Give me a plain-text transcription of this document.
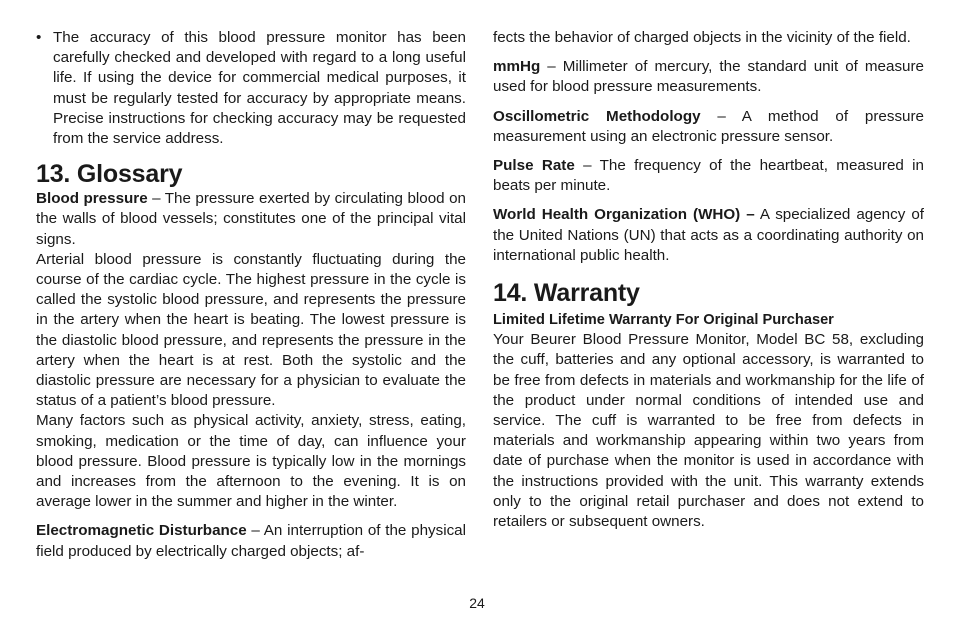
• The accuracy of this blood pressure monitor has been carefully checked and developed with regard to a long useful life. If using the device for commercial medical purposes, it must be regularly tested for accuracy by appropriate means. Precise instructions for checking accuracy may be requested from the service address.

13. Glossary

Blood pressure – The pressure exerted by circulating blood on the walls of blood vessels; constitutes one of the principal vital signs.

Arterial blood pressure is constantly fluctuating during the course of the cardiac cycle. The highest pressure in the cycle is called the systolic blood pressure, and represents the pressure in the artery when the heart is beating. The lowest pressure is the diastolic blood pressure, and represents the pressure in the artery when the heart is at rest. Both the systolic and the diastolic pressure are necessary for a physician to evaluate the status of a patient’s blood pressure.

Many factors such as physical activity, anxiety, stress, eating, smoking, medication or the time of day, can influence your blood pressure. Blood pressure is typically low in the mornings and increases from the afternoon to the evening. It is on average lower in the summer and higher in the winter.

Electromagnetic Disturbance – An interruption of the physical field produced by electrically charged objects; af-

fects the behavior of charged objects in the vicinity of the field.

mmHg – Millimeter of mercury, the standard unit of measure used for blood pressure measurements.

Oscillometric Methodology – A method of pressure measurement using an electronic pressure sensor.

Pulse Rate – The frequency of the heartbeat, measured in beats per minute.

World Health Organization (WHO) – A specialized agency of the United Nations (UN) that acts as a coordinating authority on international public health.

14. Warranty

Limited Lifetime Warranty For Original Purchaser

Your Beurer Blood Pressure Monitor, Model BC 58, excluding the cuff, batteries and any optional accessory, is warranted to be free from defects in materials and workmanship for the life of the product under normal conditions of intended use and service. The cuff is warranted to be free from defects in materials and workmanship appearing within two years from date of purchase when the monitor is used in accordance with the instructions provided with the unit. This warranty extends only to the original retail purchaser and does not extend to retailers or subsequent owners.

24
